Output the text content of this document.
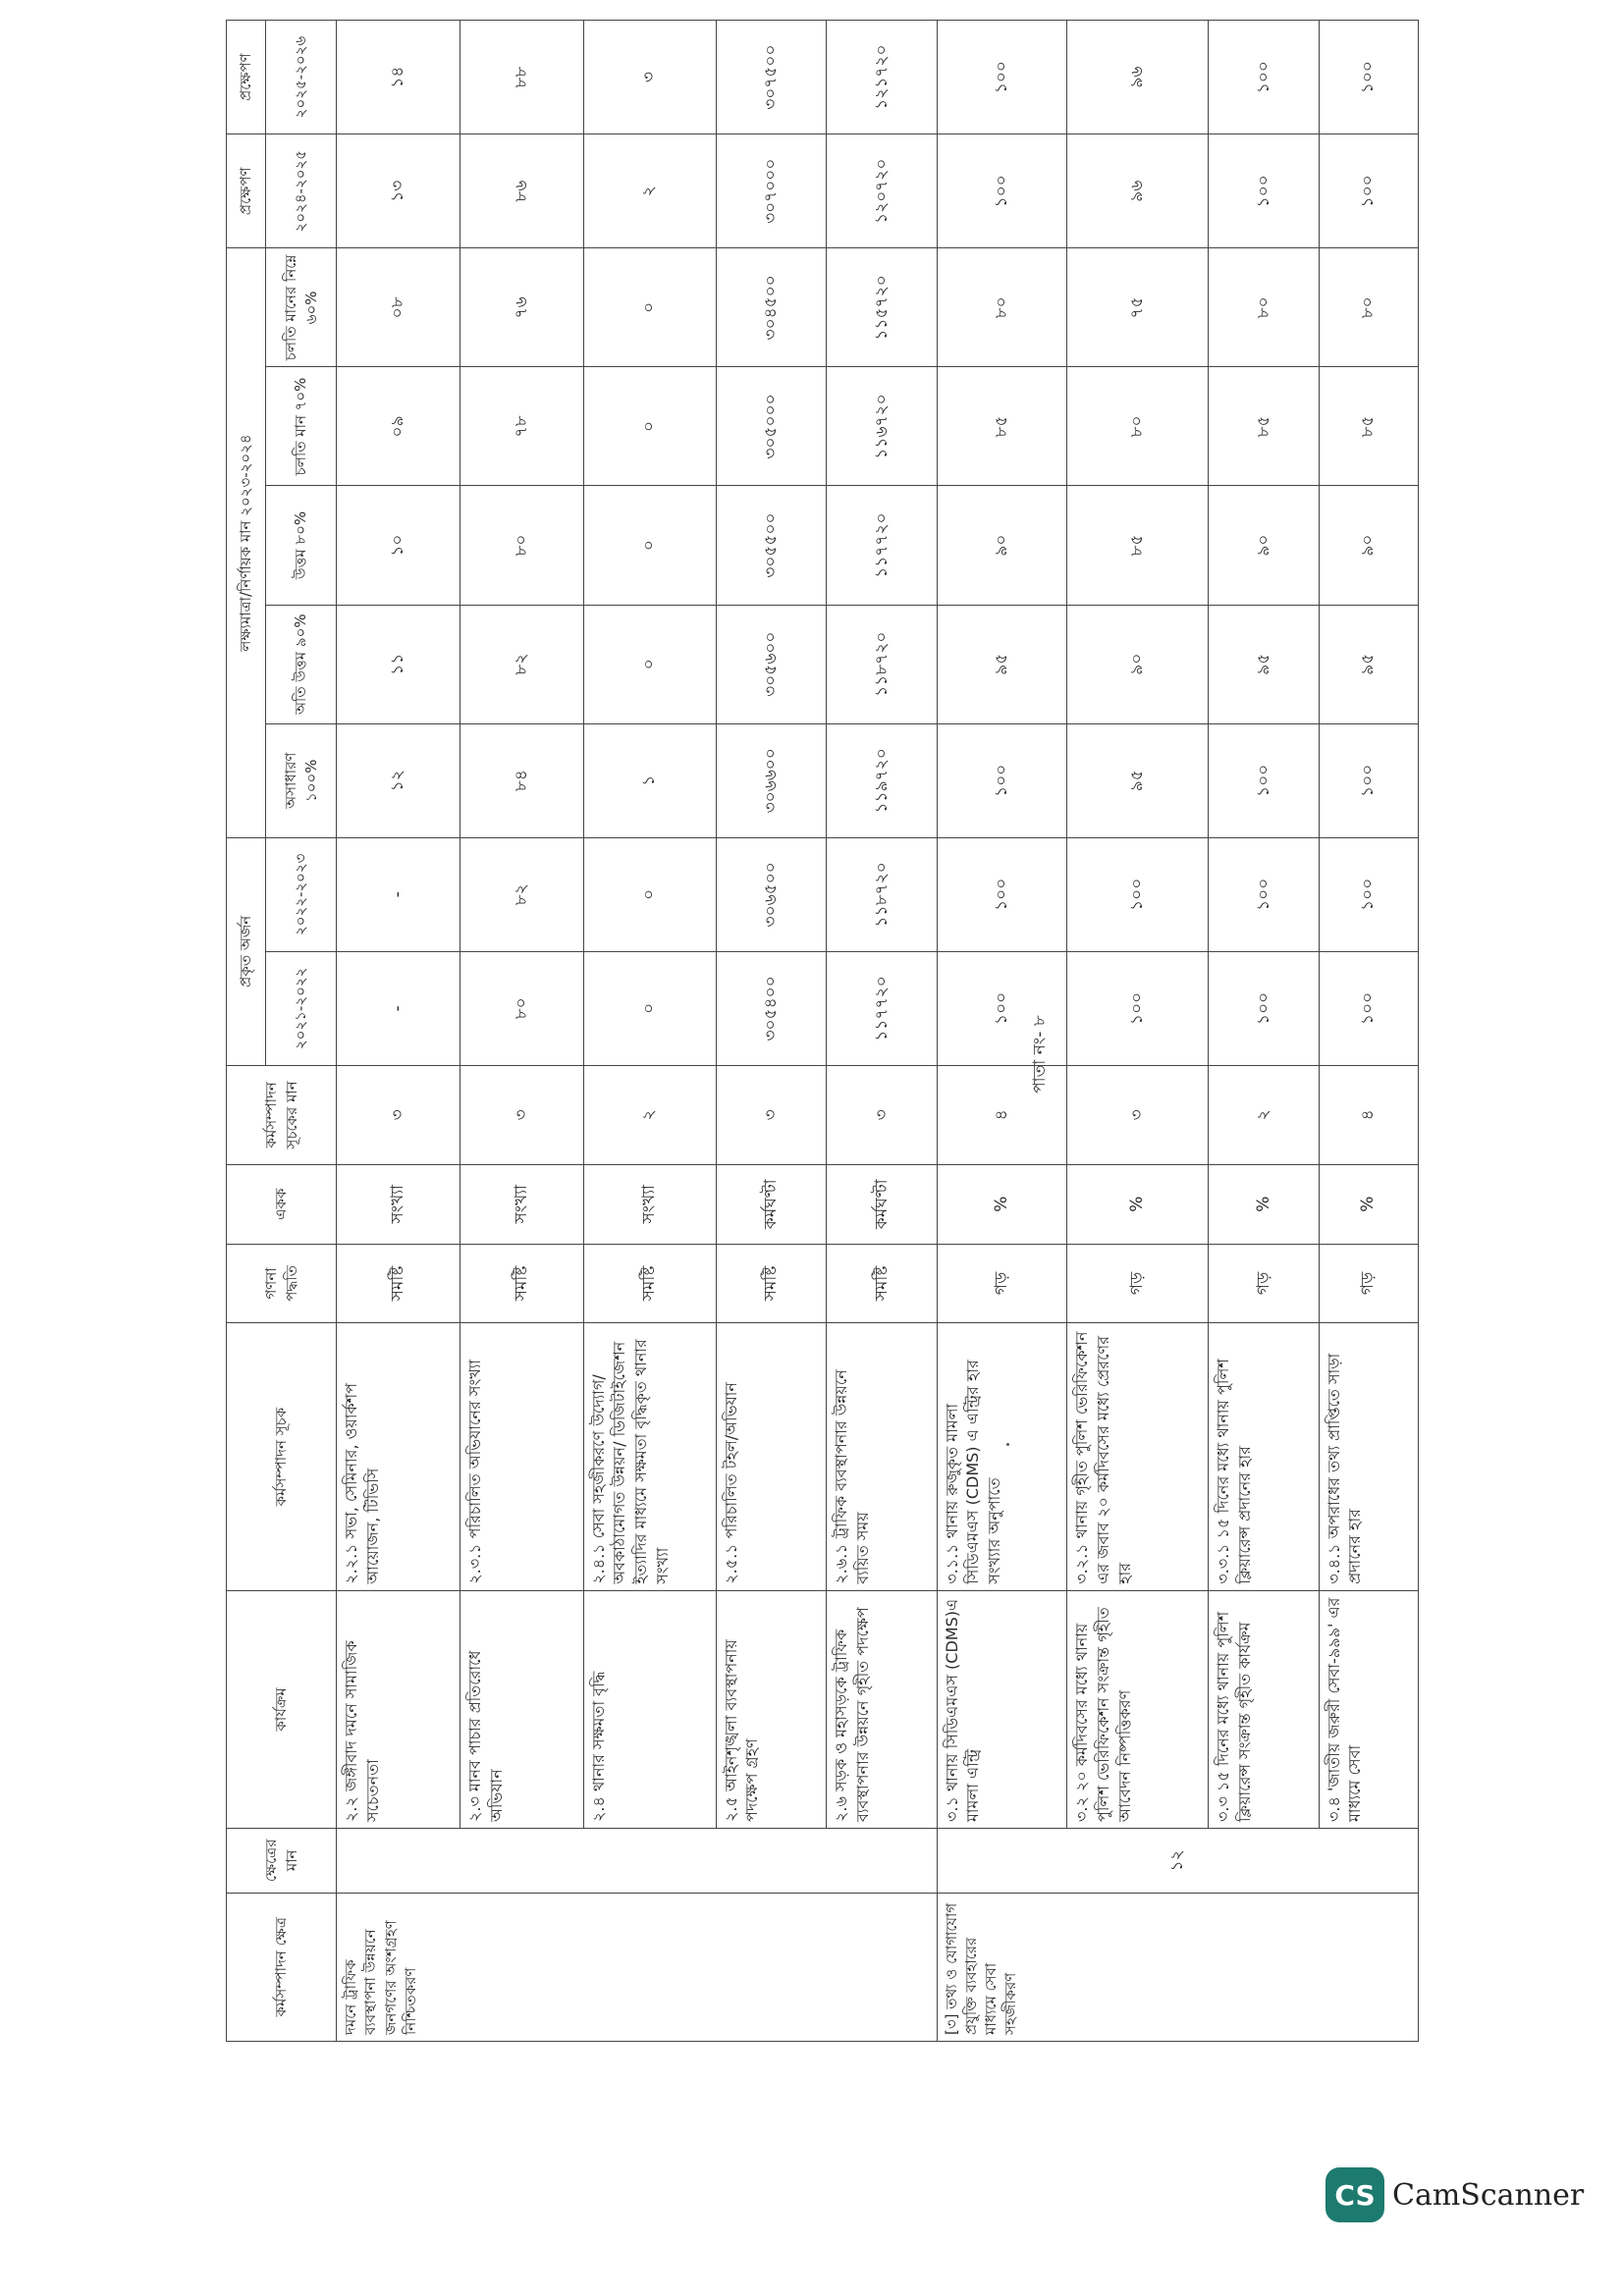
কর্মসম্পাদন ক্ষেত্র	ক্ষেত্রের মান	কার্যক্রম	কর্মসম্পাদন সূচক	গণনা পদ্ধতি	একক	কর্মসম্পাদন সূচকের মান	প্রকৃত অর্জন		লক্ষ্যমাত্রা/নির্ণায়ক মান ২০২৩-২০২৪					প্রক্ষেপণ	প্রক্ষেপণ
							২০২১-২০২২	২০২২-২০২৩	অসাধারণ ১০০%	অতি উত্তম ৯০%	উত্তম ৮০%	চলতি মান ৭০%	চলতি মানের নিম্নে ৬০%	২০২৪-২০২৫	২০২৫-২০২৬
দমনে ট্রাফিক ব্যবস্থাপনা উন্নয়নে জনগণের অংশগ্রহণ নিশ্চিতকরণ		২.২ জঙ্গীবাদ দমনে সামাজিক সচেতনতা	২.২.১ সভা, সেমিনার, ওয়ার্কশপ আয়োজন, টিভিসি	সমষ্টি	সংখ্যা	৩	-	-	১২	১১	১০	০৯	০৮	১৩	১৪
		২.৩ মানব পাচার প্রতিরোধে অভিযান	২.৩.১ পরিচালিত অভিযানের সংখ্যা	সমষ্টি	সংখ্যা	৩	৮০	৮২	৮৪	৮২	৮০	৭৮	৭৬	৮৬	৮৮
		২.৪ থানার সক্ষমতা বৃদ্ধি	২.৪.১ সেবা সহজীকরণে উদ্যোগ/ অবকাঠামোগত উন্নয়ন/ ডিজিটাইজেশন ইত্যাদির মাধ্যমে সক্ষমতা বৃদ্ধিকৃত থানার সংখ্যা	সমষ্টি	সংখ্যা	২	০	০	১	০	০	০	০	২	৩
		২.৫ আইনশৃঙ্খলা ব্যবস্থাপনায় পদক্ষেপ গ্রহণ	২.৫.১ পরিচালিত টহল/অভিযান	সমষ্টি	কর্মঘণ্টা	৩	৩০৫৪০০	৩০৬৫০০	৩০৬৬০০	৩০৫৬০০	৩০৫৫০০	৩০৫০০০	৩০৪৫০০	৩০৭০০০	৩০৭৫০০
		২.৬ সড়ক ও মহাসড়কে ট্রাফিক ব্যবস্থাপনার উন্নয়নে গৃহীত পদক্ষেপ	২.৬.১ ট্রাফিক ব্যবস্থাপনার উন্নয়নে ব্যয়িত সময়	সমষ্টি	কর্মঘণ্টা	৩	১১৭৭২০	১১৮৭২০	১১৯৭২০	১১৮৭২০	১১৭৭২০	১১৬৭২০	১১৫৭২০	১২০৭২০	১২১৭২০
[৩] তথ্য ও যোগাযোগ প্রযুক্তি ব্যবহারের মাধ্যমে সেবা সহজীকরণ	১২	৩.১ থানায় সিডিএমএস (CDMS)এ মামলা এন্ট্রি	৩.১.১ থানায় রুজুকৃত মামলা সিডিএমএস (CDMS) এ এন্ট্রির হার সংখ্যার অনুপাতে	গড়	%	৪	১০০	১০০	১০০	৯৫	৯০	৮৫	৮০	১০০	১০০
		৩.২ ২০ কর্মদিবসের মধ্যে থানায় পুলিশ ভেরিফিকেশন সংক্রান্ত গৃহীত আবেদন নিষ্পত্তিকরণ	৩.২.১ থানায় গৃহীত পুলিশ ভেরিফিকেশন এর জবাব ২০ কর্মদিবসের মধ্যে প্রেরণের হার	গড়	%	৩	১০০	১০০	৯৫	৯০	৮৫	৮০	৭৫	৯৬	৯৬
		৩.৩ ১৫ দিনের মধ্যে থানায় পুলিশ ক্লিয়ারেন্স সংক্রান্ত গৃহীত কার্যক্রম	৩.৩.১ ১৫ দিনের মধ্যে থানায় পুলিশ ক্লিয়ারেন্স প্রদানের হার	গড়	%	২	১০০	১০০	১০০	৯৫	৯০	৮৫	৮০	১০০	১০০
		৩.৪ 'জাতীয় জরুরী সেবা-৯৯৯' এর মাধ্যমে সেবা	৩.৪.১ অপরাধের তথ্য প্রাপ্তিতে সাড়া প্রদানের হার	গড়	%	৪	১০০	১০০	১০০	৯৫	৯০	৮৫	৮০	১০০	১০০
পাতা নং- ৮
CS CamScanner
